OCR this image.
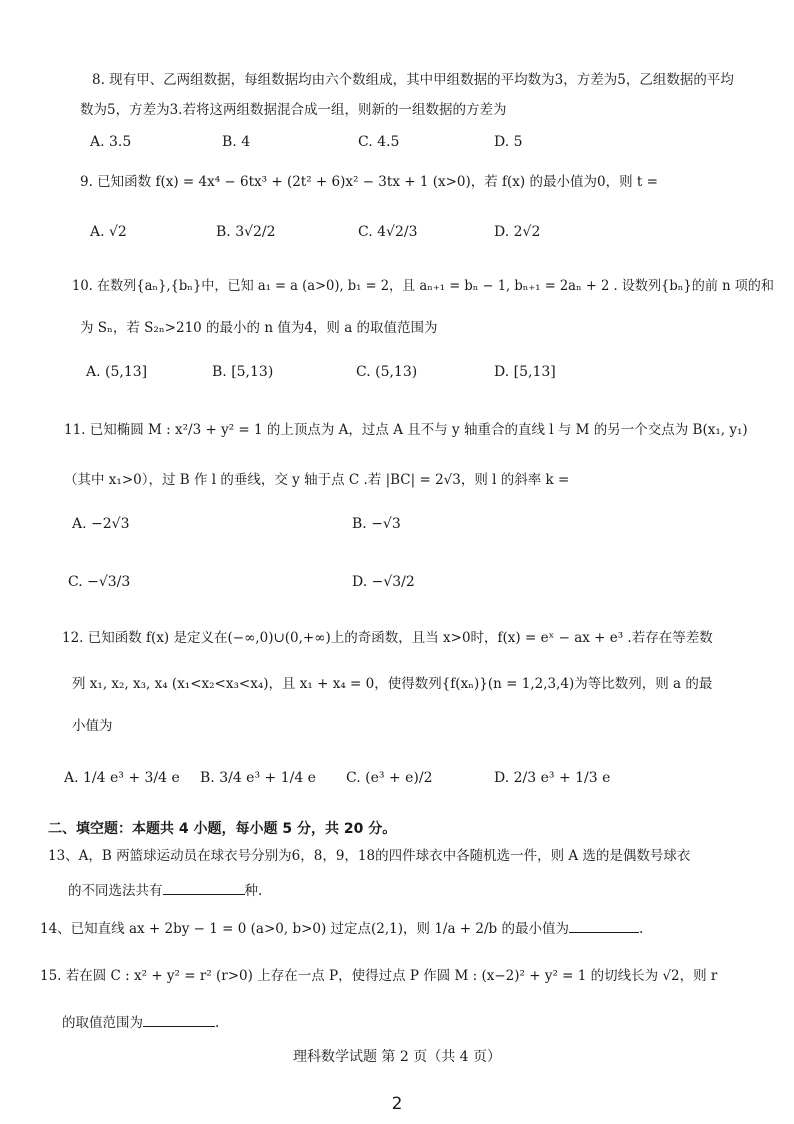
8. 现有甲、乙两组数据，每组数据均由六个数组成，其中甲组数据的平均数为3，方差为5，乙组数据的平均
数为5，方差为3.若将这两组数据混合成一组，则新的一组数据的方差为
A. 3.5	B. 4	C. 4.5	D. 5
9. 已知函数 f(x) = 4x⁴ − 6tx³ + (2t² + 6)x² − 3tx + 1 (x>0)，若 f(x) 的最小值为0，则 t =
A. √2	B. 3√2/2	C. 4√2/3	D. 2√2
10. 在数列{aₙ},{bₙ}中，已知 a₁ = a (a>0), b₁ = 2，且 aₙ₊₁ = bₙ − 1, bₙ₊₁ = 2aₙ + 2 . 设数列{bₙ}的前 n 项的和
为 Sₙ，若 S₂ₙ>210 的最小的 n 值为4，则 a 的取值范围为
A. (5,13]	B. [5,13)	C. (5,13)	D. [5,13]
11. 已知椭圆 M : x²/3 + y² = 1 的上顶点为 A，过点 A 且不与 y 轴重合的直线 l 与 M 的另一个交点为 B(x₁, y₁)
（其中 x₁>0），过 B 作 l 的垂线，交 y 轴于点 C .若 |BC| = 2√3，则 l 的斜率 k =
A. −2√3	B. −√3
C. −√3/3	D. −√3/2
12. 已知函数 f(x) 是定义在(−∞,0)∪(0,+∞)上的奇函数，且当 x>0时，f(x) = eˣ − ax + e³ .若存在等差数
列 x₁, x₂, x₃, x₄ (x₁<x₂<x₃<x₄)，且 x₁ + x₄ = 0，使得数列{f(xₙ)}(n = 1,2,3,4)为等比数列，则 a 的最
小值为
A. 1/4 e³ + 3/4 e B. 3/4 e³ + 1/4 e C. (e³ + e)/2	D. 2/3 e³ + 1/3 e
二、填空题：本题共 4 小题，每小题 5 分，共 20 分。
13、A，B 两篮球运动员在球衣号分别为6，8，9，18的四件球衣中各随机选一件，则 A 选的是偶数号球衣
的不同选法共有	种.
14、已知直线 ax + 2by − 1 = 0 (a>0, b>0) 过定点(2,1)，则 1/a + 2/b 的最小值为	.
15. 若在圆 C : x² + y² = r² (r>0) 上存在一点 P，使得过点 P 作圆 M : (x−2)² + y² = 1 的切线长为 √2，则 r
的取值范围为	.
理科数学试题 第 2 页（共 4 页）
2
